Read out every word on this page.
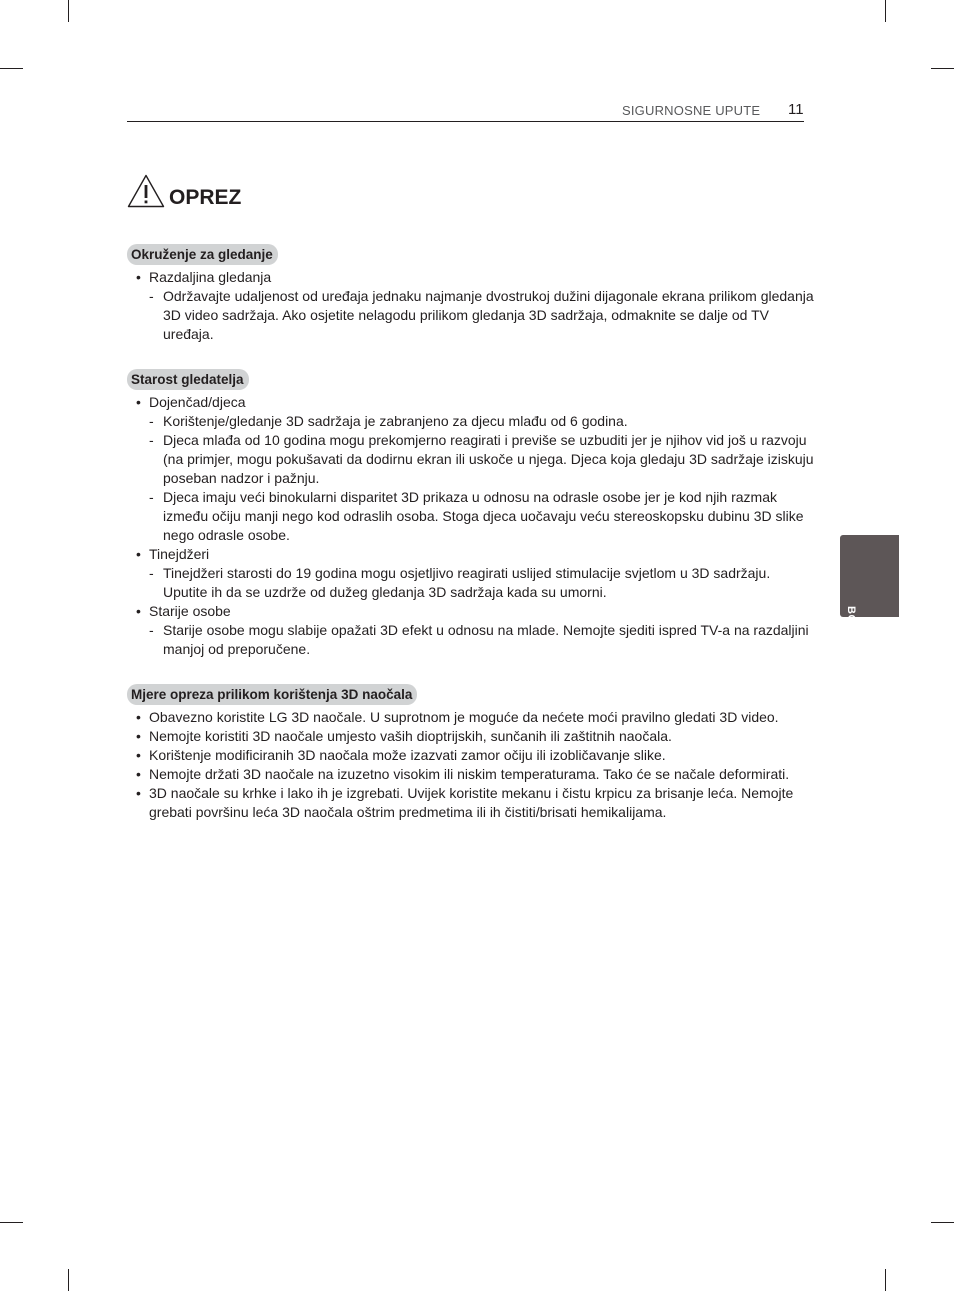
SIGURNOSNE UPUTE 11
OPREZ
Okruženje za gledanje
• Razdaljina gledanja
- Održavajte udaljenost od uređaja jednaku najmanje dvostrukoj dužini dijagonale ekrana prilikom gledanja 3D video sadržaja. Ako osjetite nelagodu prilikom gledanja 3D sadržaja, odmaknite se dalje od TV uređaja.
Starost gledatelja
• Dojenčad/djeca
- Korištenje/gledanje 3D sadržaja je zabranjeno za djecu mlađu od 6 godina.
- Djeca mlađa od 10 godina mogu prekomjerno reagirati i previše se uzbuditi jer je njihov vid još u razvoju (na primjer, mogu pokušavati da dodirnu ekran ili uskoče u njega. Djeca koja gledaju 3D sadržaje iziskuju poseban nadzor i pažnju.
- Djeca imaju veći binokularni disparitet 3D prikaza u odnosu na odrasle osobe jer je kod njih razmak između očiju manji nego kod odraslih osoba. Stoga djeca uočavaju veću stereoskopsku dubinu 3D slike nego odrasle osobe.
• Tinejdžeri
- Tinejdžeri starosti do 19 godina mogu osjetljivo reagirati uslijed stimulacije svjetlom u 3D sadržaju. Uputite ih da se uzdrže od dužeg gledanja 3D sadržaja kada su umorni.
• Starije osobe
- Starije osobe mogu slabije opažati 3D efekt u odnosu na mlade. Nemojte sjediti ispred TV-a na razdaljini manjoj od preporučene.
Mjere opreza prilikom korištenja 3D naočala
• Obavezno koristite LG 3D naočale. U suprotnom je moguće da nećete moći pravilno gledati 3D video.
• Nemojte koristiti 3D naočale umjesto vaših dioptrijskih, sunčanih ili zaštitnih naočala.
• Korištenje modificiranih 3D naočala može izazvati zamor očiju ili izobličavanje slike.
• Nemojte držati 3D naočale na izuzetno visokim ili niskim temperaturama. Tako će se načale deformirati.
• 3D naočale su krhke i lako ih je izgrebati. Uvijek koristite mekanu i čistu krpicu za brisanje leća. Nemojte grebati površinu leća 3D naočala oštrim predmetima ili ih čistiti/brisati hemikalijama.
BOSANSKI
